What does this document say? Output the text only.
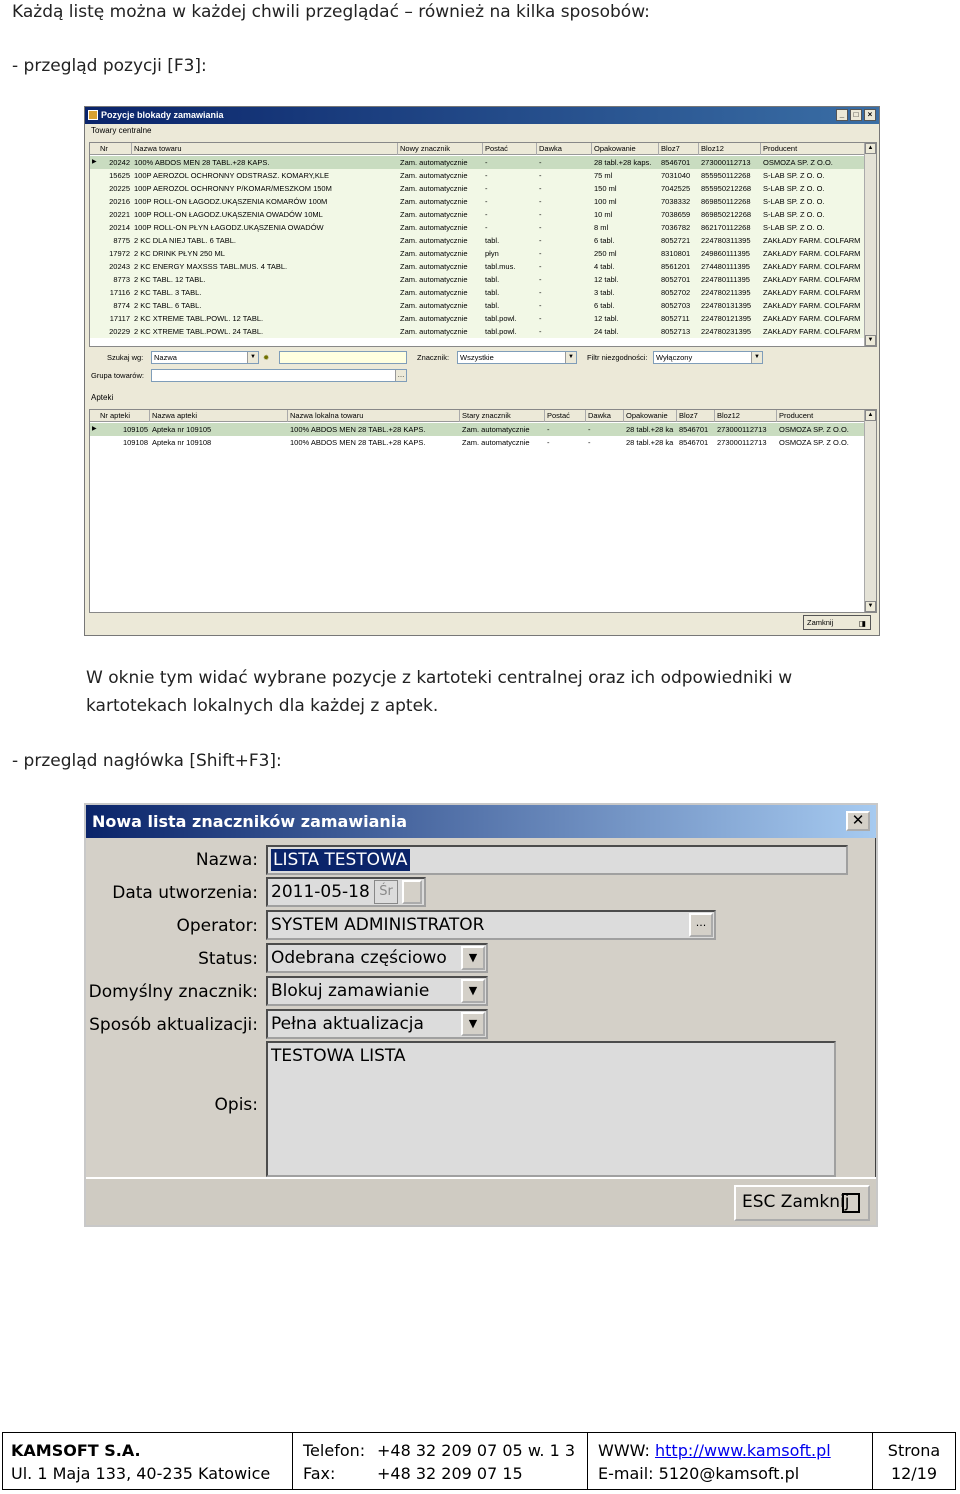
Każdą listę można w każdej chwili przeglądać – również na kilka sposobów:
- przegląd pozycji [F3]:
Pozycje blokady zamawiania	_	□	×
Towary centralne
Nr	Nazwa towaru	Nowy znacznik	Postać	Dawka	Opakowanie	Bloz7	Bloz12	Producent
▶	20242 100% ABDOS MEN 28 TABL.+28 KAPS.	Zam. automatycznie	-	-	28 tabl.+28 kaps.	8546701	273000112713	OSMOZA SP. Z O.O.
15625 100P AEROZOL OCHRONNY ODSTRASZ. KOMARY,KLE	Zam. automatycznie	-	-	75 ml	7031040	855950112268	S-LAB SP. Z O. O.
20225 100P AEROZOL OCHRONNY P/KOMAR/MESZKOM 150M	Zam. automatycznie	-	-	150 ml	7042525	855950212268	S-LAB SP. Z O. O.
20216 100P ROLL-ON ŁAGODZ.UKĄSZENIA KOMARÓW 100M	Zam. automatycznie	-	-	100 ml	7038332	869850112268	S-LAB SP. Z O. O.
20221 100P ROLL-ON ŁAGODZ.UKĄSZENIA OWADÓW 10ML	Zam. automatycznie	-	-	10 ml	7038659	869850212268	S-LAB SP. Z O. O.
20214 100P ROLL-ON PŁYN ŁAGODZ.UKĄSZENIA OWADÓW	Zam. automatycznie	-	-	8 ml	7036782	862170112268	S-LAB SP. Z O. O.
8775 2 KC DLA NIEJ TABL. 6 TABL.	Zam. automatycznie	tabl.	-	6 tabl.	8052721	224780311395	ZAKŁADY FARM. COLFARM
17972 2 KC DRINK PŁYN 250 ML	Zam. automatycznie	płyn	-	250 ml	8310801	249860111395	ZAKŁADY FARM. COLFARM
20243 2 KC ENERGY MAXSSS TABL.MUS. 4 TABL.	Zam. automatycznie	tabl.mus.	-	4 tabl.	8561201	274480111395	ZAKŁADY FARM. COLFARM
8773 2 KC TABL. 12 TABL.	Zam. automatycznie	tabl.	-	12 tabl.	8052701	224780111395	ZAKŁADY FARM. COLFARM
17116 2 KC TABL. 3 TABL.	Zam. automatycznie	tabl.	-	3 tabl.	8052702	224780211395	ZAKŁADY FARM. COLFARM
8774 2 KC TABL. 6 TABL.	Zam. automatycznie	tabl.	-	6 tabl.	8052703	224780131395	ZAKŁADY FARM. COLFARM
17117 2 KC XTREME TABL.POWL. 12 TABL.	Zam. automatycznie	tabl.powl.	-	12 tabl.	8052711	224780121395	ZAKŁADY FARM. COLFARM
20229 2 KC XTREME TABL.POWL. 24 TABL.	Zam. automatycznie	tabl.powl.	-	24 tabl.	8052713	224780231395	ZAKŁADY FARM. COLFARM
▲
▼
Szukaj wg:	Nazwa	▼ ✹	Znacznik:	Wszystkie	▼ Filtr niezgodności:	Wyłączony	▼
Grupa towarów:	…
Apteki
Nr apteki	Nazwa apteki	Nazwa lokalna towaru	Stary znacznik	Postać	Dawka	Opakowanie	Bloz7	Bloz12	Producent
▶	109105 Apteka nr 109105	100% ABDOS MEN 28 TABL.+28 KAPS.	Zam. automatycznie	-	-	28 tabl.+28 ka 8546701	273000112713	OSMOZA SP. Z O.O.
109108 Apteka nr 109108	100% ABDOS MEN 28 TABL.+28 KAPS.	Zam. automatycznie	-	-	28 tabl.+28 ka 8546701	273000112713	OSMOZA SP. Z O.O.
▲
▼
Zamknij	◨
W oknie tym widać wybrane pozycje z kartoteki centralnej oraz ich odpowiedniki w
kartotekach lokalnych dla każdej z aptek.
- przegląd nagłówka [Shift+F3]:
Nowa lista znaczników zamawiania	✕
Nazwa: LISTA TESTOWA
Data utworzenia: 2011-05-18 Śr
Operator: SYSTEM ADMINISTRATOR	...
Status: Odebrana częściowo	▼
Domyślny znacznik: Blokuj zamawianie	▼
Sposób aktualizacji: Pełna aktualizacja	▼
Opis:
TESTOWA LISTA
ESC Zamknij
KAMSOFT S.A.
Ul. 1 Maja 133, 40-235 Katowice
Telefon: +48 32 209 07 05 w. 1 3
Fax:	+48 32 209 07 15
WWW: http://www.kamsoft.pl
E-mail: 5120@kamsoft.pl
Strona
12/19
